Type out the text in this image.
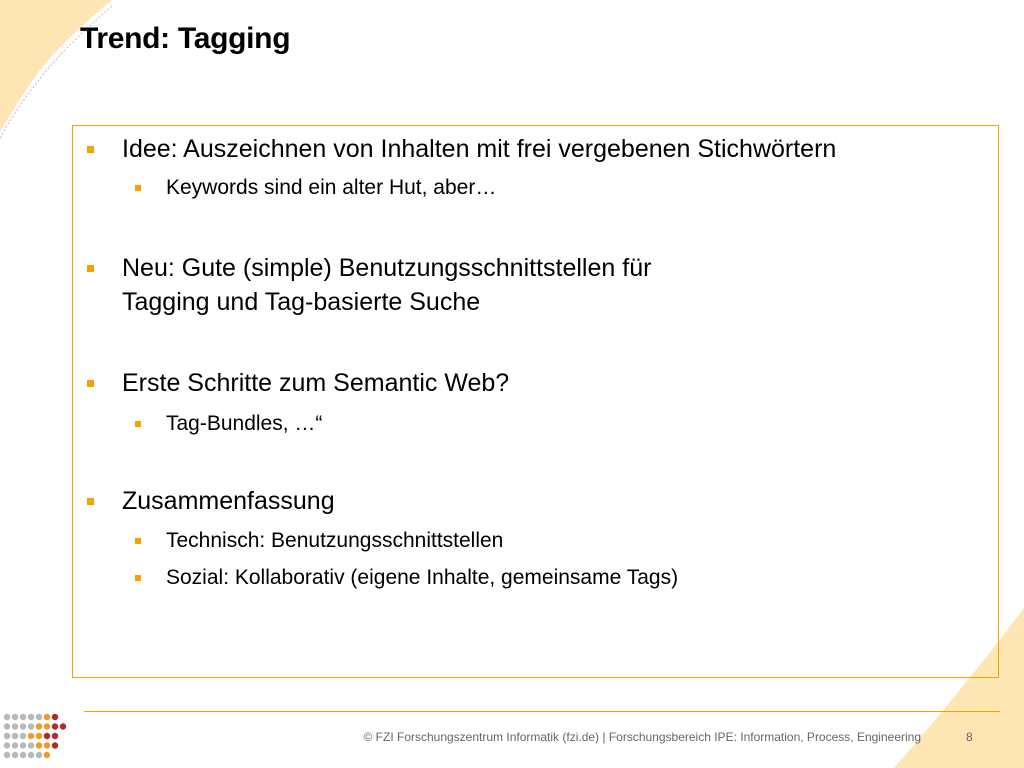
Trend: Tagging
Idee: Auszeichnen von Inhalten mit frei vergebenen Stichwörtern
Keywords sind ein alter Hut, aber…
Neu: Gute (simple) Benutzungsschnittstellen für
Tagging und Tag-basierte Suche
Erste Schritte zum Semantic Web?
Tag-Bundles, …“
Zusammenfassung
Technisch: Benutzungsschnittstellen
Sozial: Kollaborativ (eigene Inhalte, gemeinsame Tags)
© FZI Forschungszentrum Informatik (fzi.de) | Forschungsbereich IPE: Information, Process, Engineering	8
